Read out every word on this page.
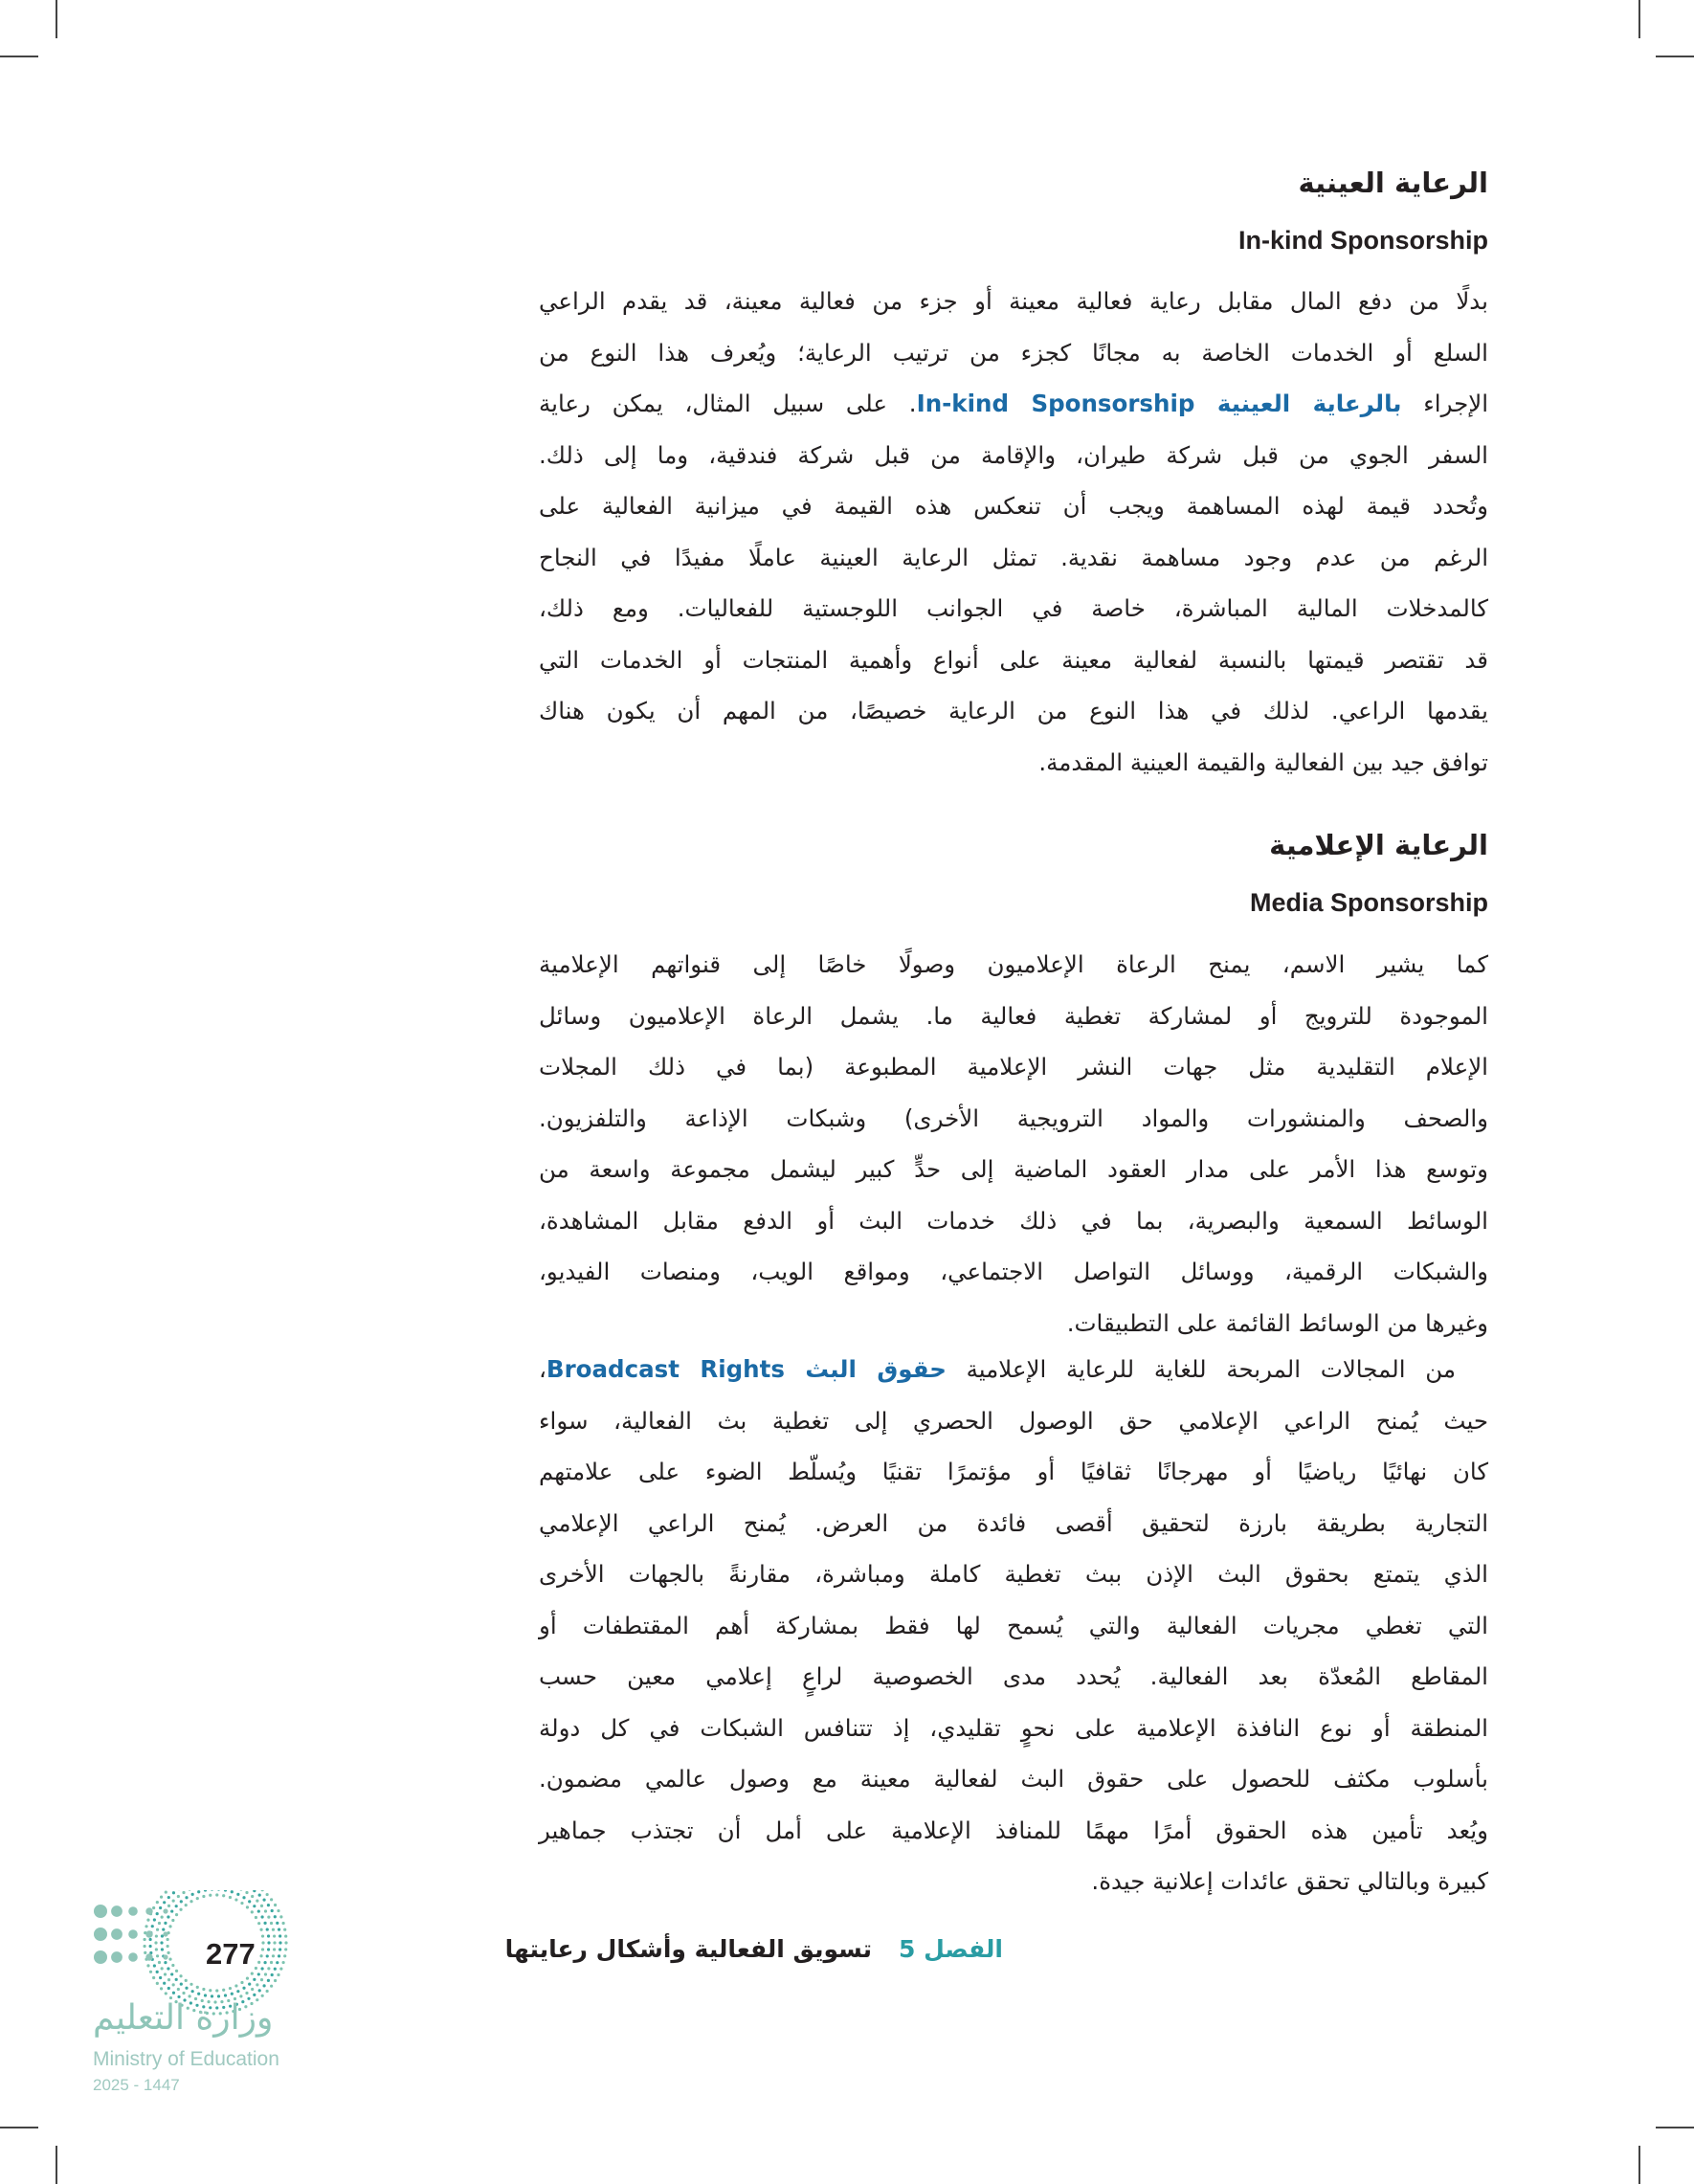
الرعاية العينية
In-kind Sponsorship
بدلًا من دفع المال مقابل رعاية فعالية معينة أو جزء من فعالية معينة، قد يقدم الراعي
السلع أو الخدمات الخاصة به مجانًا كجزء من ترتيب الرعاية؛ ويُعرف هذا النوع من
الإجراء بالرعاية العينية In-kind Sponsorship. على سبيل المثال، يمكن رعاية
السفر الجوي من قبل شركة طيران، والإقامة من قبل شركة فندقية، وما إلى ذلك.
وتُحدد قيمة لهذه المساهمة ويجب أن تنعكس هذه القيمة في ميزانية الفعالية على
الرغم من عدم وجود مساهمة نقدية. تمثل الرعاية العينية عاملًا مفيدًا في النجاح
كالمدخلات المالية المباشرة، خاصة في الجوانب اللوجستية للفعاليات. ومع ذلك،
قد تقتصر قيمتها بالنسبة لفعالية معينة على أنواع وأهمية المنتجات أو الخدمات التي
يقدمها الراعي. لذلك في هذا النوع من الرعاية خصيصًا، من المهم أن يكون هناك
توافق جيد بين الفعالية والقيمة العينية المقدمة.
الرعاية الإعلامية
Media Sponsorship
كما يشير الاسم، يمنح الرعاة الإعلاميون وصولًا خاصًا إلى قنواتهم الإعلامية
الموجودة للترويج أو لمشاركة تغطية فعالية ما. يشمل الرعاة الإعلاميون وسائل
الإعلام التقليدية مثل جهات النشر الإعلامية المطبوعة (بما في ذلك المجلات
والصحف والمنشورات والمواد الترويجية الأخرى) وشبكات الإذاعة والتلفزيون.
وتوسع هذا الأمر على مدار العقود الماضية إلى حدٍّ كبير ليشمل مجموعة واسعة من
الوسائط السمعية والبصرية، بما في ذلك خدمات البث أو الدفع مقابل المشاهدة،
والشبكات الرقمية، ووسائل التواصل الاجتماعي، ومواقع الويب، ومنصات الفيديو،
وغيرها من الوسائط القائمة على التطبيقات.
من المجالات المربحة للغاية للرعاية الإعلامية حقوق البث Broadcast Rights،
حيث يُمنح الراعي الإعلامي حق الوصول الحصري إلى تغطية بث الفعالية، سواء
كان نهائيًا رياضيًا أو مهرجانًا ثقافيًا أو مؤتمرًا تقنيًا ويُسلّط الضوء على علامتهم
التجارية بطريقة بارزة لتحقيق أقصى فائدة من العرض. يُمنح الراعي الإعلامي
الذي يتمتع بحقوق البث الإذن ببث تغطية كاملة ومباشرة، مقارنةً بالجهات الأخرى
التي تغطي مجريات الفعالية والتي يُسمح لها فقط بمشاركة أهم المقتطفات أو
المقاطع المُعدّة بعد الفعالية. يُحدد مدى الخصوصية لراعٍ إعلامي معين حسب
المنطقة أو نوع النافذة الإعلامية على نحوٍ تقليدي، إذ تتنافس الشبكات في كل دولة
بأسلوب مكثف للحصول على حقوق البث لفعالية معينة مع وصول عالمي مضمون.
ويُعد تأمين هذه الحقوق أمرًا مهمًا للمنافذ الإعلامية على أمل أن تجتذب جماهير
كبيرة وبالتالي تحقق عائدات إعلانية جيدة.
الفصل 5تسويق الفعالية وأشكال رعايتها
277
وزارة التعليم
Ministry of Education
2025 - 1447
